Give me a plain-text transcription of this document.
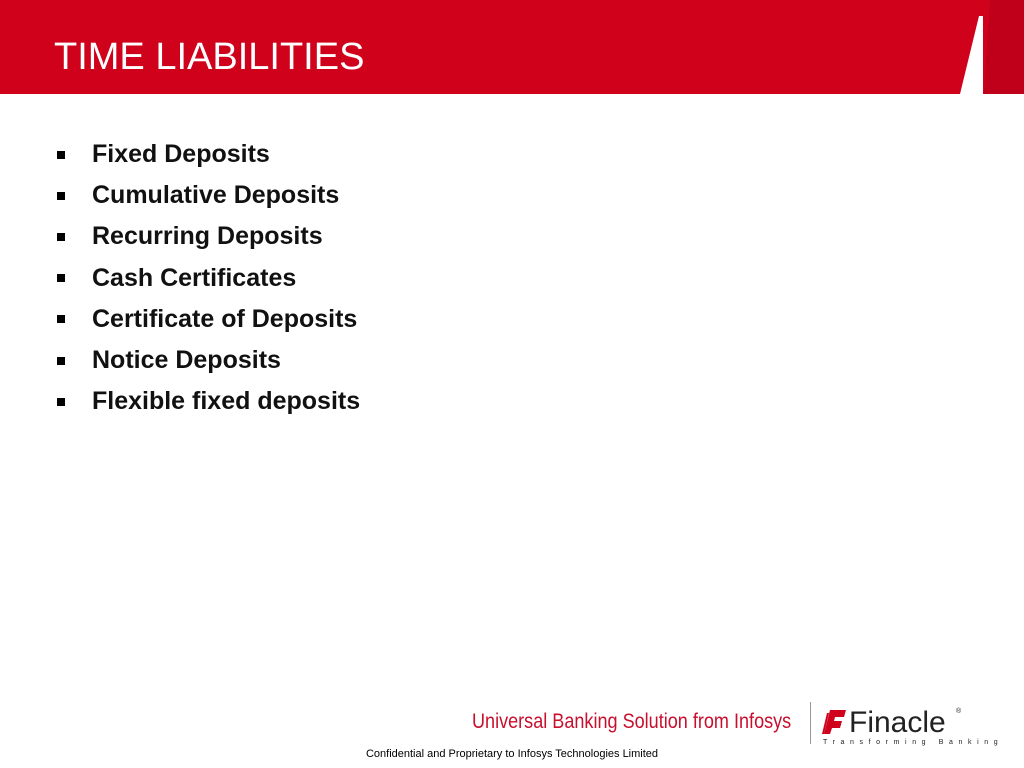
TIME LIABILITIES
Fixed Deposits
Cumulative Deposits
Recurring Deposits
Cash Certificates
Certificate of Deposits
Notice Deposits
Flexible fixed deposits
Universal Banking Solution from Infosys Finacle ®
Transforming Banking
Confidential and Proprietary to Infosys Technologies Limited
